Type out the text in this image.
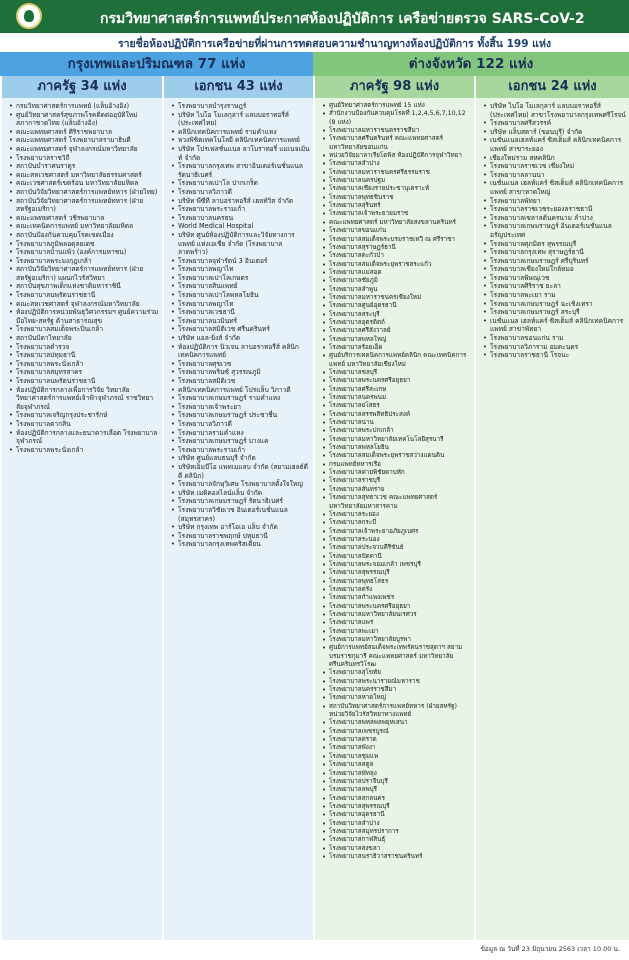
กรมวิทยาศาสตร์การแพทย์ประกาศห้องปฏิบัติการ เครือข่ายตรวจ SARS-CoV-2
รายชื่อห้องปฏิบัติการเครือข่ายที่ผ่านการทดสอบความชำนาญทางห้องปฏิบัติการ ทั้งสิ้น 199 แห่ง
กรุงเทพและปริมณฑล 77 แห่ง	ต่างจังหวัด 122 แห่ง
ภาครัฐ 34 แห่ง	เอกชน 43 แห่ง	ภาครัฐ 98 แห่ง	เอกชน 24 แห่ง
• กรมวิทยาศาสตร์การแพทย์ (แล็บอ้างอิง)
• ศูนย์วิทยาศาสตร์สุขภาพโรคติดต่ออุบัติใหม่ สภากาชาดไทย (แล็บอ้างอิง)
• คณะแพทยศาสตร์ ศิริราชพยาบาล
• คณะแพทยศาสตร์ โรงพยาบาลรามาธิบดี
• คณะแพทยศาสตร์ จุฬาลงกรณ์มหาวิทยาลัย
• โรงพยาบาลราชวิถี
• สถาบันบำราศนราดูร
• คณะสหเวชศาสตร์ มหาวิทยาลัยธรรมศาสตร์
• คณะเวชศาสตร์เขตร้อน มหาวิทยาลัยมหิดล
• สถาบันวิจัยวิทยาศาสตร์การแพทย์ทหาร (ฝ่ายไทย)
• สถาบันวิจัยวิทยาศาสตร์การแพทย์ทหาร (ฝ่ายสหรัฐอเมริกา)
• คณะแพทยศาสตร์ วชิรพยาบาล
• คณะเทคนิคการแพทย์ มหาวิทยาลัยมหิดล
• สถาบันป้องกันควบคุมโรคเขตเมือง
• โรงพยาบาลภูมิพลอดุลยเดช
• โรงพยาบาลบ้านแพ้ว (องค์การมหาชน)
• โรงพยาบาลพระมงกุฎเกล้า
• สถาบันวิจัยวิทยาศาสตร์การแพทย์ทหาร (ฝ่ายสหรัฐอเมริกา) แผนกไวรัสวิทยา
• สถาบันสุขภาพเด็กแห่งชาติมหาราชินี
• โรงพยาบาลนพรัตนราชธานี
• คณะสหเวชศาสตร์ จุฬาลงกรณ์มหาวิทยาลัย
• ห้องปฏิบัติการหน่วยพันธุวิศวกรรมฯ ศูนย์ความร่วมมือไทย-สหรัฐ ด้านสาธารณสุข
• โรงพยาบาลสมเด็จพระปิ่นเกล้า
• สถาบันบิดาไทยาลัย
• โรงพยาบาลตำรวจ
• โรงพยาบาลปทุมธานี
• โรงพยาบาลพระนั่งเกล้า
• โรงพยาบาลสมุทรสาคร
• โรงพยาบาลนพรัตนราชธานี
• ห้องปฏิบัติการกลางเพื่อการวิจัย วิทยาลัยวิทยาศาสตร์การแพทย์เจ้าฟ้าจุฬาภรณ์ ราชวิทยาลัยจุฬาภรณ์
• โรงพยาบาลเจริญกรุงประชารักษ์
• โรงพยาบาลตากสิน
• ห้องปฏิบัติการกลางและธนาคารเลือด โรงพยาบาลจุฬาภรณ์
• โรงพยาบาลพระนั่งเกล้า
• โรงพยาบาลบำรุงราษฎร์
• บริษัท ไบโอ โมเลกุลาร์ แลบบอราทอรี่ส์ (ประเทศไทย)
• คลินิกเทคนิคการแพทย์ รามคำแหง
• หวงพิชิตเทคโนโลยี คลินิกเทคนิคการแพทย์
• บริษัท โปรเฟสชั่นแนล ลาโบราทอรี่ แมเนจเม้นท์ จำกัด
• โรงพยาบาลกรุงเทพ สาขาอินเตอร์เนชั่นแนล รัตนาธิเบศร์
• โรงพยาบาลเปาโล ปากเกร็ด
• โรงพยาบาลวิภาวดี
• บริษัท พีซีที ลาบอราทอรีส์ เฮลท์วิส จำกัด
• โรงพยาบาลพระรามเก้า
• โรงพยาบาลนครธน
• World Medical Hospital
• บริษัท ศูนย์ห้องปฏิบัติการและวิจัยทางการแพทย์ แห่งเอเชีย จำกัด (โรงพยาบาลลาดพร้าว)
• โรงพยาบาลจุฬารัตน์ 3 อินเตอร์
• โรงพยาบาลพญาไท
• โรงพยาบาลเปาโลเกษตร
• โรงพยาบาลสินแพทย์
• โรงพยาบาลเปาโลพหลโยธิน
• โรงพยาบาลพญาไท
• โรงพยาบาลเวชธานี
• โรงพยาบาลนวมินทร์
• โรงพยาบาลสมิติเวช ศรีนครินทร์
• บริษัท แอล-ยิ่งส์ จำกัด
• ห้องปฏิบัติการ นิวเจน ลาบอราทอรีส์ คลินิกเทคนิคการแพทย์
• โรงพยาบาลศุขเวช
• โรงพยาบาลพรินซ์ สุวรรณภูมิ
• โรงพยาบาลสมิติเวช
• คลินิกเทคนิคการแพทย์ โปรแล็บ วิภาวดี
• โรงพยาบาลเกษมราษฎร์ รามคำแหง
• โรงพยาบาลเจ้าพระยา
• โรงพยาบาลเกษมราษฎร์ ประชาชื่น
• โรงพยาบาลวิภาวดี
• โรงพยาบาลรามคำแหง
• โรงพยาบาลเกษมราษฎร์ บางแค
• โรงพยาบาลพระรามเก้า
• บริษัท ศูนย์แลบธนบุรี จำกัด
• บริษัทเอ็มบีโอ แพทเมแลบ จำกัด (สยามเฮลธ์ดีดี คลินิก)
• โรงพยาบาลจักษุวิเศษ โรงพยาบาลตั้งใจใหญ่
• บริษัท เมดิคอลไลน์แล็บ จำกัด
• โรงพยาบาลเกษมราษฎร์ รัตนาธิเบศร์
• โรงพยาบาลวิชัยเวช อินเตอร์เนชั่นแนล (สมุทรสาคร)
• บริษัท กรุงเทพ อาร์โอเอ แล็บ จำกัด
• โรงพยาบาลราชพฤกษ์ ปทุมธานี
• โรงพยาบาลกรุงเทพคริสเตียน
• ศูนย์วิทยาศาสตร์การแพทย์ 15 แห่ง
• สำนักงานป้องกันควบคุมโรคที่ 1,2,4,5,6,7,10,12 (8 แห่ง)
• โรงพยาบาลมหาราชนครราชสีมา
• โรงพยาบาลศรีนครินทร์ คณะแพทยศาสตร์ มหาวิทยาลัยขอนแก่น
• หน่วยวิจัยมาลาเรียโดพิส ห้องปฏิบัติการจุฬาวิทยา
• โรงพยาบาลลำปาง
• โรงพยาบาลมหาราชนครศรีธรรมราช
• โรงพยาบาลนครปฐม
• โรงพยาบาลเชียงรายประชานุเคราะห์
• โรงพยาบาลพุทธชินราช
• โรงพยาบาลสุรินทร์
• โรงพยาบาลเจ้าพระยายมราช
• คณะแพทยศาสตร์ มหาวิทยาลัยสงขลานครินทร์
• โรงพยาบาลขอนแก่น
• โรงพยาบาลสมเด็จพระบรมราชเทวี ณ ศรีราชา
• โรงพยาบาลสุราษฎร์ธานี
• โรงพยาบาลตะกั่วป่า
• โรงพยาบาลสมเด็จพระยุพราชสระแก้ว
• โรงพยาบาลแม่สอด
• โรงพยาบาลชัยภูมิ
• โรงพยาบาลลำพูน
• โรงพยาบาลมหาราชนครเชียงใหม่
• โรงพยาบาลศูนย์อุดรธานี
• โรงพยาบาลสระบุรี
• โรงพยาบาลอุตรดิตถ์
• โรงพยาบาลศรีสังวาลย์
• โรงพยาบาลพหลใหญ่
• โรงพยาบาลร้อยเอ็ด
• ศูนย์บริการเทคนิคการแพทย์คลินิก คณะเทคนิคการแพทย์ มหาวิทยาลัยเชียงใหม่
• โรงพยาบาลชลบุรี
• โรงพยาบาลพระนครศรีอยุธยา
• โรงพยาบาลศรีสะเกษ
• โรงพยาบาลนครพนม
• โรงพยาบาลยโสธร
• โรงพยาบาลสรรพสิทธิประสงค์
• โรงพยาบาลน่าน
• โรงพยาบาลพระปกเกล้า
• โรงพยาบาลมหาวิทยาลัยเทคโนโลยีสุรนารี
• โรงพยาบาลพหลโยธิน
• โรงพยาบาลสมเด็จพระยุพราชสว่างแดนดิน
• กรมแพทย์ทหารเรือ
• โรงพยาบาลค่ายพิชัยดาบหัก
• โรงพยาบาลราชบุรี
• โรงพยาบาลสันทราย
• โรงพยาบาลสุทธาเวช คณะแพทยศาสตร์ มหาวิทยาลัยมหาสารคาม
• โรงพยาบาลระยอง
• โรงพยาบาลกระบี่
• โรงพยาบาลเจ้าพระยาอภัยภูเบศร
• โรงพยาบาลระนอง
• โรงพยาบาลประจวบคีรีขันธ์
• โรงพยาบาลปัตตานี
• โรงพยาบาลพระจอมเกล้า เพชรบุรี
• โรงพยาบาลสุพรรณบุรี
• โรงพยาบาลพุทธโสธร
• โรงพยาบาลตรัง
• โรงพยาบาลกำแพงเพชร
• โรงพยาบาลพระนครศรีอยุธยา
• โรงพยาบาลมหาวิทยาลัยนเรศวร
• โรงพยาบาลแพร่
• โรงพยาบาลพะเยา
• โรงพยาบาลมหาวิทยาลัยบูรพา
• ศูนย์การแพทย์สมเด็จพระเทพรัตนราชสุดาฯ สยามบรมราชกุมารี คณะแพทยศาสตร์ มหาวิทยาลัยศรีนครินทรวิโรฒ
• โรงพยาบาลสุโขทัย
• โรงพยาบาลพระนารายณ์มหาราช
• โรงพยาบาลนครราชสีมา
• โรงพยาบาลหาดใหญ่
• สถาบันวิทยาศาสตร์การแพทย์ทหาร (ฝ่ายสหรัฐ) หน่วยวิจัยไวรัสวิทยาทางแพทย์
• โรงพยาบาลพหลพลพยุหเสนา
• โรงพยาบาลเพชรบูรณ์
• โรงพยาบาลตราด
• โรงพยาบาลพังงา
• โรงพยาบาลชุมแพ
• โรงพยาบาลสตูล
• โรงพยาบาลพัทลุง
• โรงพยาบาลปราจีนบุรี
• โรงพยาบาลลพบุรี
• โรงพยาบาลสกลนคร
• โรงพยาบาลสุพรรณบุรี
• โรงพยาบาลอุดรธานี
• โรงพยาบาลลำปาง
• โรงพยาบาลสมุทรปราการ
• โรงพยาบาลกาฬสินธุ์
• โรงพยาบาลสงขลา
• โรงพยาบาลนราธิวาสราชนครินทร์
• บริษัท ไบโอ โมเลกุลาร์ แลบบอราทอรี่ส์ (ประเทศไทย) สาขาโรงพยาบาลกรุงเทพศรีโรจน์
• โรงพยาบาลศรีสวรรค์
• บริษัท แล็บสตาร์ (ขอนบุรี) จำกัด
• เนชั่นแนลเฮลท์แคร์ ซิสเต็มส์ คลินิกเทคนิคการแพทย์ สาขาระยอง
• เชียงใหม่ราม สหคลินิก
• โรงพยาบาลราชเวช เชียงใหม่
• โรงพยาบาลลานนา
• เนชั่นแนล เฮลท์แคร์ ซิสเต็มส์ คลินิกเทคนิคการแพทย์ สาขาหาดใหญ่
• โรงพยาบาลพัทยา
• โรงพยาบาลราชเวชระยองลราชธานี
• โรงพยาบาลเซลาลต้นครนาม ลำปาง
• โรงพยาบาลเกษมราษฎร์ อินเตอร์เนชั่นแนล อรัญประเทศ
• โรงพยาบาลศุภมิตร สุพรรณบุรี
• โรงพยาบาลกรุงเทพ สุราษฎร์ธานี
• โรงพยาบาลเกษมราษฎร์ ศรีบุรินทร์
• โรงพยาบาลเชียงใหม่ใกล้หมอ
• โรงพยาบาลพิษณุเวช
• โรงพยาบาลศิริราช ยะลา
• โรงพยาบาลพะเยา ราม
• โรงพยาบาลเกษมราษฎร์ ฉะเชิงเทรา
• โรงพยาบาลเกษมราษฎร์ สระบุรี
• เนชั่นแนล เฮลท์แคร์ ซิสเต็มส์ คลินิกเทคนิคการแพทย์ สาขาพัทยา
• โรงพยาบาลขอนแก่น ราม
• โรงพยาบาลวิภาราม อมตะนคร
• โรงพยาบาลราชธานี โรจนะ
ข้อมูล ณ วันที่ 23 มิถุนายน 2563 เวลา 10.00 น.
